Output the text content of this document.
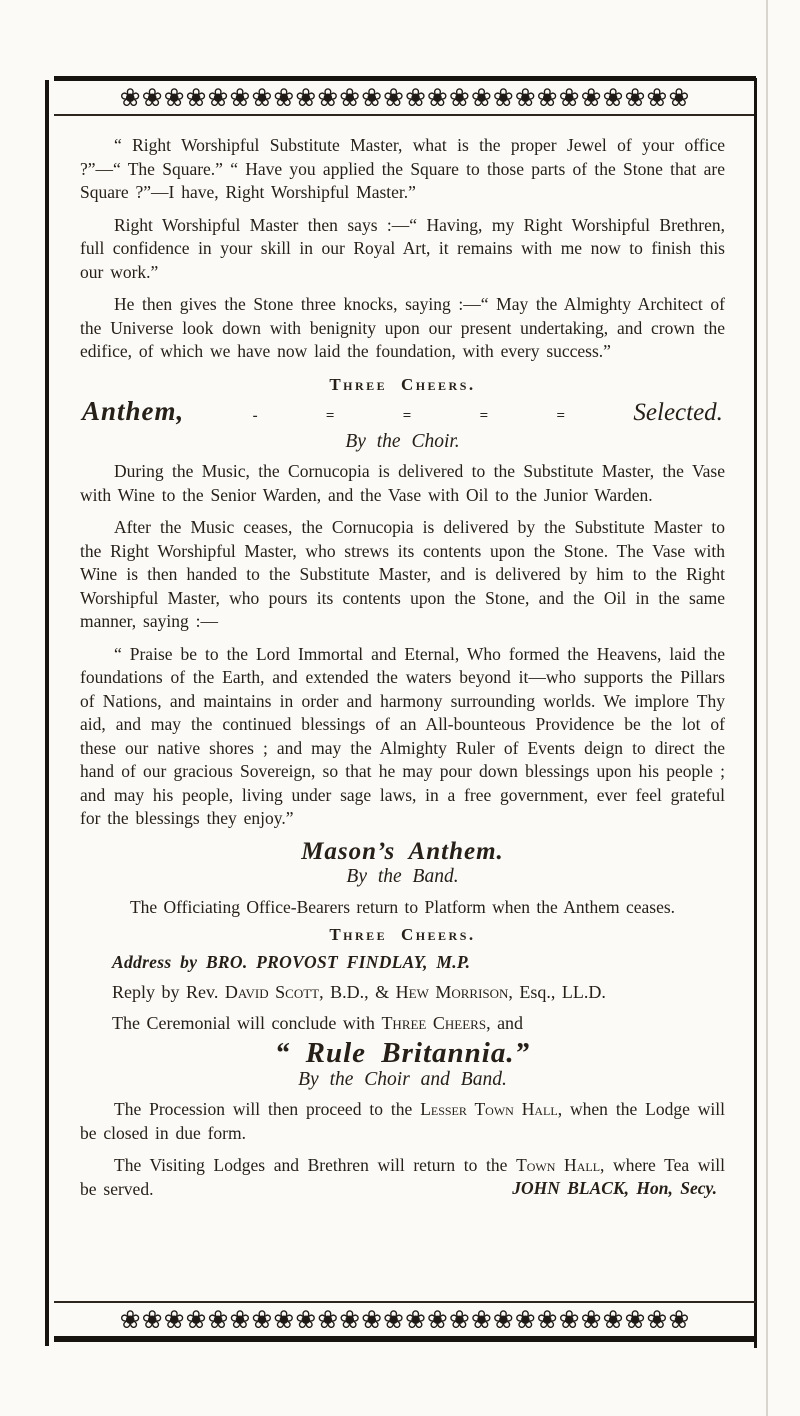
❀❀❀❀❀❀❀❀❀❀❀❀❀❀❀❀❀❀❀❀❀❀❀❀❀❀

“ Right Worshipful Substitute Master, what is the proper Jewel of your office ?”—“ The Square.” “ Have you applied the Square to those parts of the Stone that are Square ?”—I have, Right Worshipful Master.”

Right Worshipful Master then says :—“ Having, my Right Worshipful Brethren, full confidence in your skill in our Royal Art, it remains with me now to finish this our work.”

He then gives the Stone three knocks, saying :—“ May the Almighty Architect of the Universe look down with benignity upon our present undertaking, and crown the edifice, of which we have now laid the foundation, with every success.”

Three Cheers.
Anthem,	-	=	=	=	=	Selected.
By the Choir.

During the Music, the Cornucopia is delivered to the Substitute Master, the Vase with Wine to the Senior Warden, and the Vase with Oil to the Junior Warden.

After the Music ceases, the Cornucopia is delivered by the Substitute Master to the Right Worshipful Master, who strews its contents upon the Stone. The Vase with Wine is then handed to the Substitute Master, and is delivered by him to the Right Worshipful Master, who pours its contents upon the Stone, and the Oil in the same manner, saying :—

“ Praise be to the Lord Immortal and Eternal, Who formed the Heavens, laid the foundations of the Earth, and extended the waters beyond it—who supports the Pillars of Nations, and maintains in order and harmony surrounding worlds. We implore Thy aid, and may the continued blessings of an All-bounteous Providence be the lot of these our native shores ; and may the Almighty Ruler of Events deign to direct the hand of our gracious Sovereign, so that he may pour down blessings upon his people ; and may his people, living under sage laws, in a free government, ever feel grateful for the blessings they enjoy.”

Mason’s Anthem.
By the Band.
The Officiating Office-Bearers return to Platform when the Anthem ceases.
Three Cheers.
Address by BRO. PROVOST FINDLAY, M.P.
Reply by Rev. David Scott, B.D., & Hew Morrison, Esq., LL.D.
The Ceremonial will conclude with Three Cheers, and
“ Rule Britannia.”
By the Choir and Band.

The Procession will then proceed to the Lesser Town Hall, when the Lodge will be closed in due form.

The Visiting Lodges and Brethren will return to the Town Hall, where Tea will be served.	JOHN BLACK, Hon, Secy.
❀❀❀❀❀❀❀❀❀❀❀❀❀❀❀❀❀❀❀❀❀❀❀❀❀❀
